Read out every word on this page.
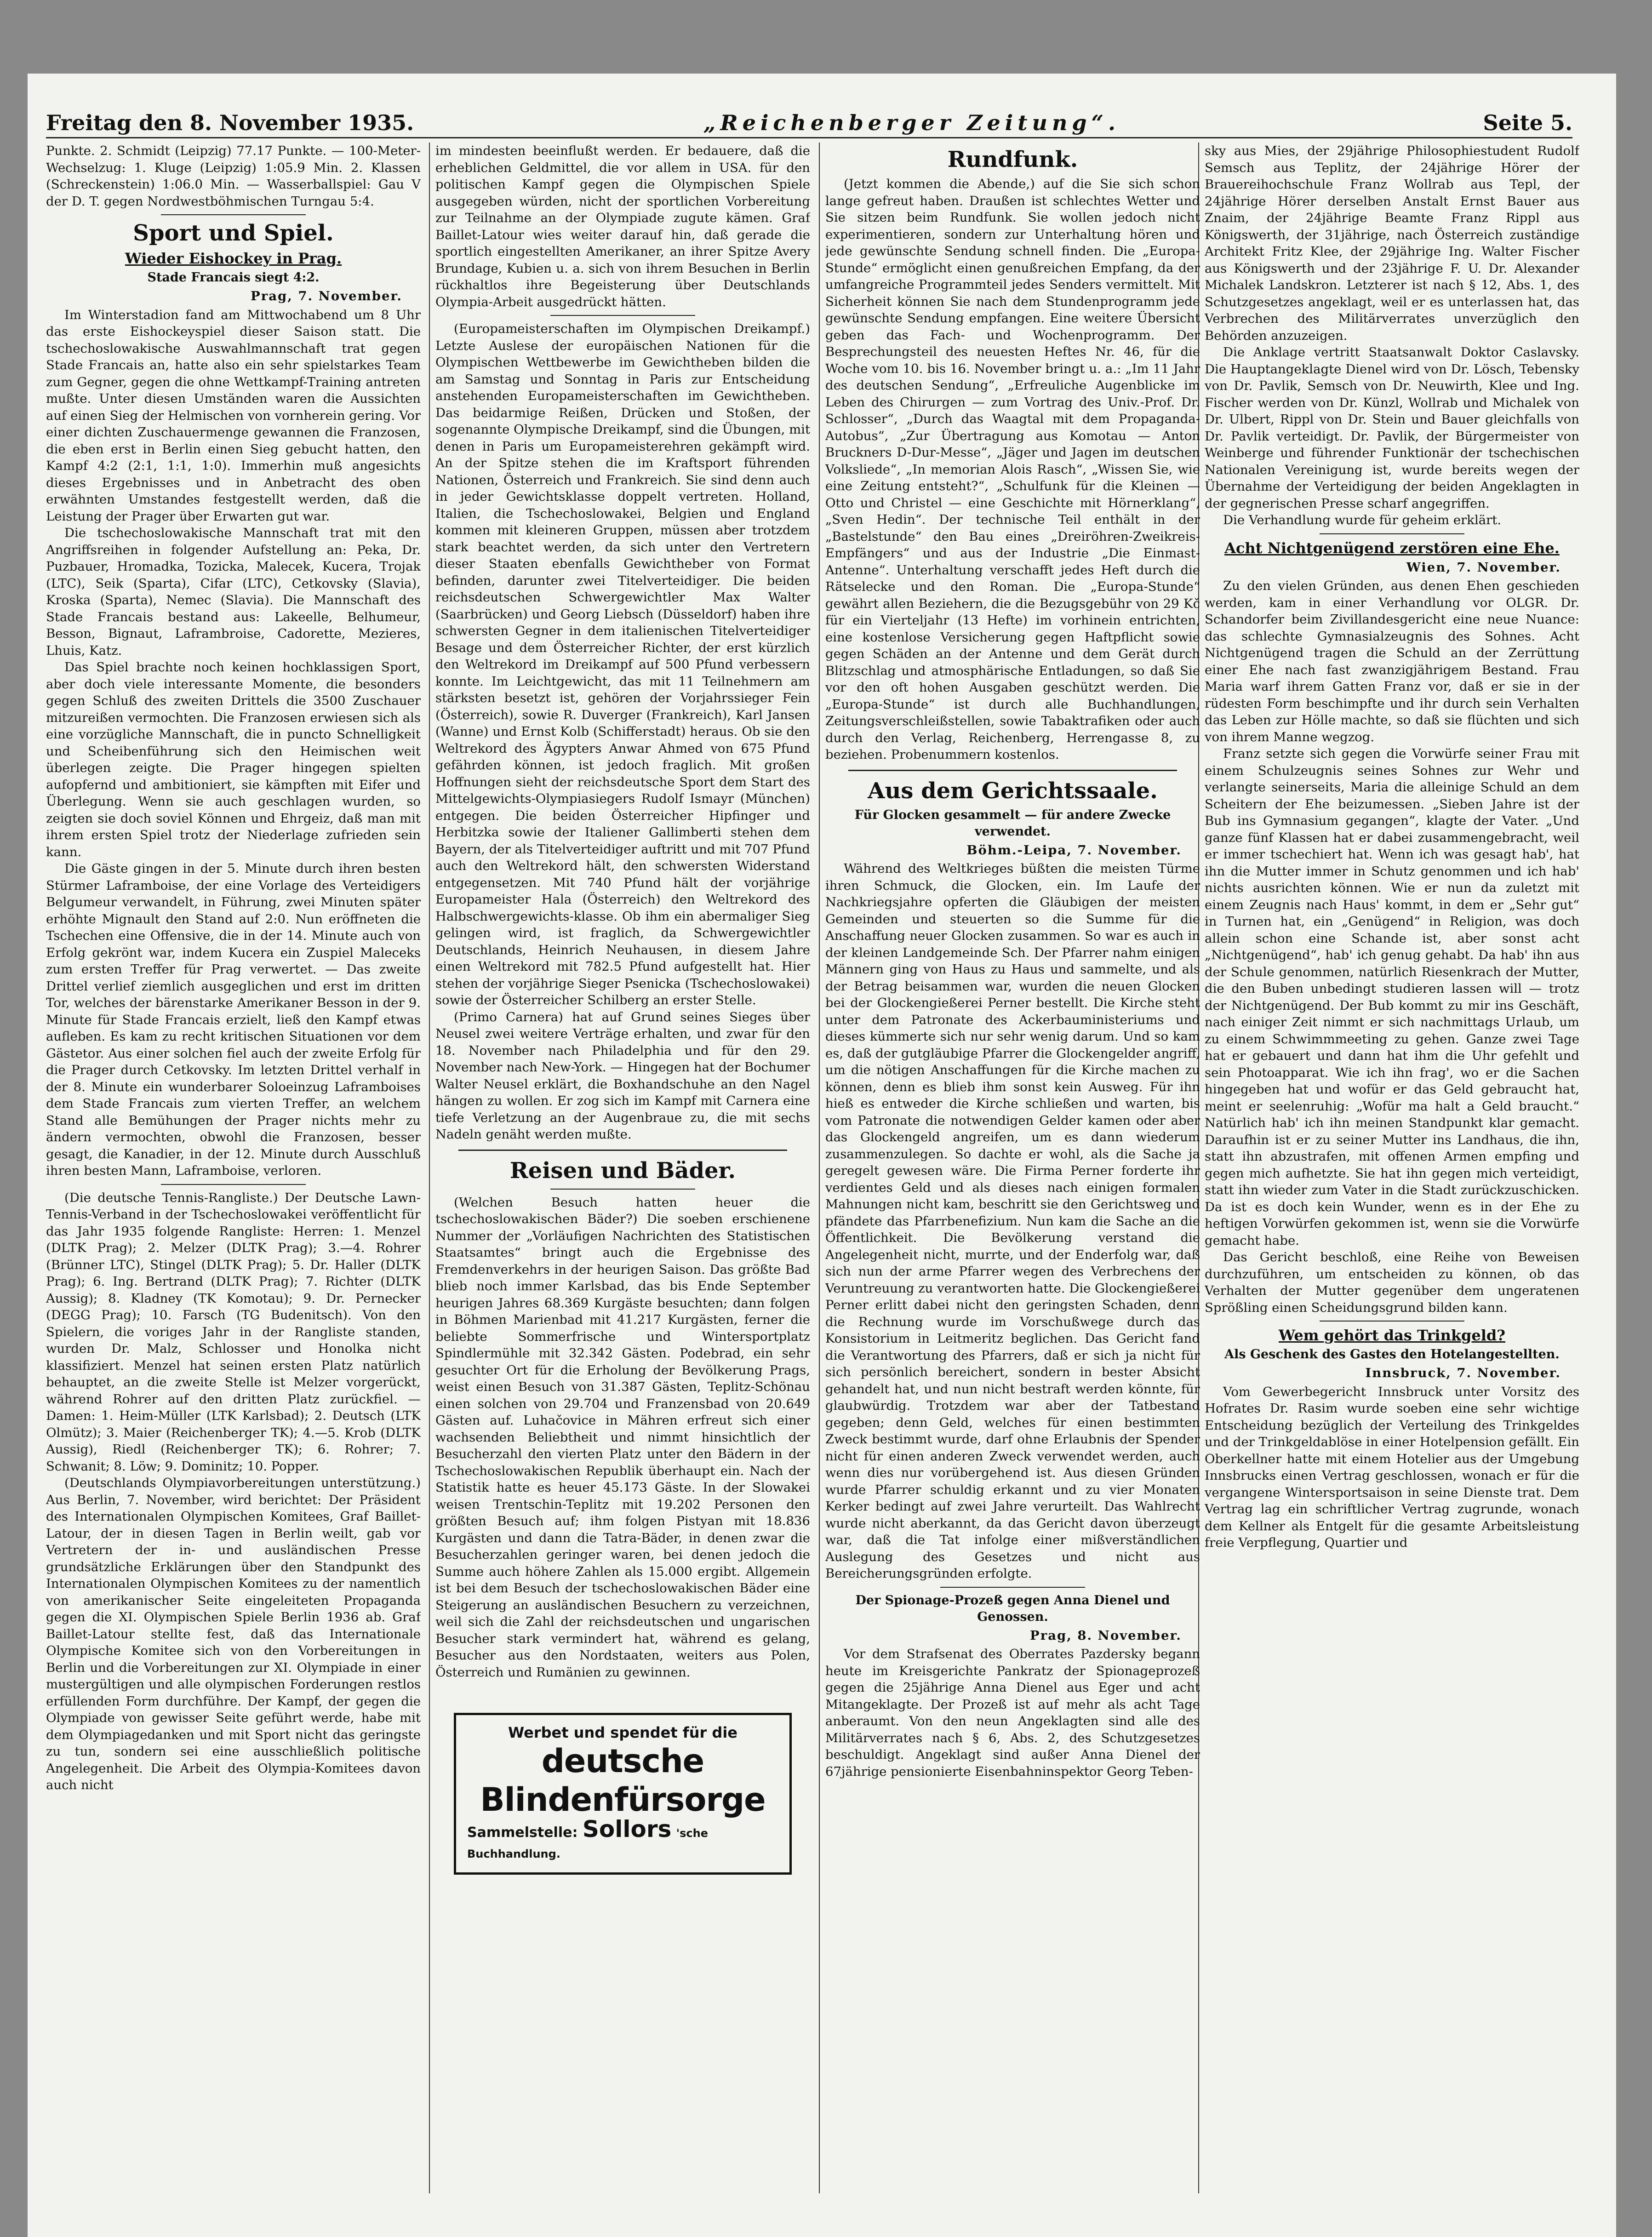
Freitag den 8. November 1935.	„Reichenberger Zeitung“.	Seite 5.

Punkte. 2. Schmidt (Leipzig) 77.17 Punkte. — 100-Meter-Wechselzug: 1. Kluge (Leipzig) 1:05.9 Min. 2. Klassen (Schreckenstein) 1:06.0 Min. — Wasserballspiel: Gau V der D. T. gegen Nordwestböhmischen Turngau 5:4.

Sport und Spiel.
Wieder Eishockey in Prag.
Stade Francais siegt 4:2.
Prag, 7. November.

Im Winterstadion fand am Mittwochabend um 8 Uhr das erste Eishockeyspiel dieser Saison statt. Die tschechoslowakische Auswahlmannschaft trat gegen Stade Francais an, hatte also ein sehr spielstarkes Team zum Gegner, gegen die ohne Wettkampf-Training antreten mußte. Unter diesen Umständen waren die Aussichten auf einen Sieg der Helmischen von vornherein gering. Vor einer dichten Zuschauermenge gewannen die Franzosen, die eben erst in Berlin einen Sieg gebucht hatten, den Kampf 4:2 (2:1, 1:1, 1:0). Immerhin muß angesichts dieses Ergebnisses und in Anbetracht des oben erwähnten Umstandes festgestellt werden, daß die Leistung der Prager über Erwarten gut war.

Die tschechoslowakische Mannschaft trat mit den Angriffsreihen in folgender Aufstellung an: Peka, Dr. Puzbauer, Hromadka, Tozicka, Malecek, Kucera, Trojak (LTC), Seik (Sparta), Cifar (LTC), Cetkovsky (Slavia), Kroska (Sparta), Nemec (Slavia). Die Mannschaft des Stade Francais bestand aus: Lakeelle, Belhumeur, Besson, Bignaut, Laframbroise, Cadorette, Mezieres, Lhuis, Katz.

Das Spiel brachte noch keinen hochklassigen Sport, aber doch viele interessante Momente, die besonders gegen Schluß des zweiten Drittels die 3500 Zuschauer mitzureißen vermochten. Die Franzosen erwiesen sich als eine vorzügliche Mannschaft, die in puncto Schnelligkeit und Scheibenführung sich den Heimischen weit überlegen zeigte. Die Prager hingegen spielten aufopfernd und ambitioniert, sie kämpften mit Eifer und Überlegung. Wenn sie auch geschlagen wurden, so zeigten sie doch soviel Können und Ehrgeiz, daß man mit ihrem ersten Spiel trotz der Niederlage zufrieden sein kann.

Die Gäste gingen in der 5. Minute durch ihren besten Stürmer Laframboise, der eine Vorlage des Verteidigers Belgumeur verwandelt, in Führung, zwei Minuten später erhöhte Mignault den Stand auf 2:0. Nun eröffneten die Tschechen eine Offensive, die in der 14. Minute auch von Erfolg gekrönt war, indem Kucera ein Zuspiel Maleceks zum ersten Treffer für Prag verwertet. — Das zweite Drittel verlief ziemlich ausgeglichen und erst im dritten Tor, welches der bärenstarke Amerikaner Besson in der 9. Minute für Stade Francais erzielt, ließ den Kampf etwas aufleben. Es kam zu recht kritischen Situationen vor dem Gästetor. Aus einer solchen fiel auch der zweite Erfolg für die Prager durch Cetkovsky. Im letzten Drittel verhalf in der 8. Minute ein wunderbarer Soloeinzug Laframboises dem Stade Francais zum vierten Treffer, an welchem Stand alle Bemühungen der Prager nichts mehr zu ändern vermochten, obwohl die Franzosen, besser gesagt, die Kanadier, in der 12. Minute durch Ausschluß ihren besten Mann, Laframboise, verloren.

(Die deutsche Tennis-Rangliste.) Der Deutsche Lawn-Tennis-Verband in der Tschechoslowakei veröffentlicht für das Jahr 1935 folgende Rangliste: Herren: 1. Menzel (DLTK Prag); 2. Melzer (DLTK Prag); 3.—4. Rohrer (Brünner LTC), Stingel (DLTK Prag); 5. Dr. Haller (DLTK Prag); 6. Ing. Bertrand (DLTK Prag); 7. Richter (DLTK Aussig); 8. Kladney (TK Komotau); 9. Dr. Pernecker (DEGG Prag); 10. Farsch (TG Budenitsch). Von den Spielern, die voriges Jahr in der Rangliste standen, wurden Dr. Malz, Schlosser und Honolka nicht klassifiziert. Menzel hat seinen ersten Platz natürlich behauptet, an die zweite Stelle ist Melzer vorgerückt, während Rohrer auf den dritten Platz zurückfiel. — Damen: 1. Heim-Müller (LTK Karlsbad); 2. Deutsch (LTK Olmütz); 3. Maier (Reichenberger TK); 4.—5. Krob (DLTK Aussig), Riedl (Reichenberger TK); 6. Rohrer; 7. Schwanit; 8. Löw; 9. Dominitz; 10. Popper.

(Deutschlands Olympiavorbereitungen unterstützung.) Aus Berlin, 7. November, wird berichtet: Der Präsident des Internationalen Olympischen Komitees, Graf Baillet-Latour, der in diesen Tagen in Berlin weilt, gab vor Vertretern der in- und ausländischen Presse grundsätzliche Erklärungen über den Standpunkt des Internationalen Olympischen Komitees zu der namentlich von amerikanischer Seite eingeleiteten Propaganda gegen die XI. Olympischen Spiele Berlin 1936 ab. Graf Baillet-Latour stellte fest, daß das Internationale Olympische Komitee sich von den Vorbereitungen in Berlin und die Vorbereitungen zur XI. Olympiade in einer mustergültigen und alle olympischen Forderungen restlos erfüllenden Form durchführe. Der Kampf, der gegen die Olympiade von gewisser Seite geführt werde, habe mit dem Olympiagedanken und mit Sport nicht das geringste zu tun, sondern sei eine ausschließlich politische Angelegenheit. Die Arbeit des Olympia-Komitees davon auch nicht

im mindesten beeinflußt werden. Er bedauere, daß die erheblichen Geldmittel, die vor allem in USA. für den politischen Kampf gegen die Olympischen Spiele ausgegeben würden, nicht der sportlichen Vorbereitung zur Teilnahme an der Olympiade zugute kämen. Graf Baillet-Latour wies weiter darauf hin, daß gerade die sportlich eingestellten Amerikaner, an ihrer Spitze Avery Brundage, Kubien u. a. sich von ihrem Besuchen in Berlin rückhaltlos ihre Begeisterung über Deutschlands Olympia-Arbeit ausgedrückt hätten.

(Europameisterschaften im Olympischen Dreikampf.) Letzte Auslese der europäischen Nationen für die Olympischen Wettbewerbe im Gewichtheben bilden die am Samstag und Sonntag in Paris zur Entscheidung anstehenden Europameisterschaften im Gewichtheben. Das beidarmige Reißen, Drücken und Stoßen, der sogenannte Olympische Dreikampf, sind die Übungen, mit denen in Paris um Europameisterehren gekämpft wird. An der Spitze stehen die im Kraftsport führenden Nationen, Österreich und Frankreich. Sie sind denn auch in jeder Gewichtsklasse doppelt vertreten. Holland, Italien, die Tschechoslowakei, Belgien und England kommen mit kleineren Gruppen, müssen aber trotzdem stark beachtet werden, da sich unter den Vertretern dieser Staaten ebenfalls Gewichtheber von Format befinden, darunter zwei Titelverteidiger. Die beiden reichsdeutschen Schwergewichtler Max Walter (Saarbrücken) und Georg Liebsch (Düsseldorf) haben ihre schwersten Gegner in dem italienischen Titelverteidiger Besage und dem Österreicher Richter, der erst kürzlich den Weltrekord im Dreikampf auf 500 Pfund verbessern konnte. Im Leichtgewicht, das mit 11 Teilnehmern am stärksten besetzt ist, gehören der Vorjahrssieger Fein (Österreich), sowie R. Duverger (Frankreich), Karl Jansen (Wanne) und Ernst Kolb (Schifferstadt) heraus. Ob sie den Weltrekord des Ägypters Anwar Ahmed von 675 Pfund gefährden können, ist jedoch fraglich. Mit großen Hoffnungen sieht der reichsdeutsche Sport dem Start des Mittelgewichts-Olympiasiegers Rudolf Ismayr (München) entgegen. Die beiden Österreicher Hipfinger und Herbitzka sowie der Italiener Gallimberti stehen dem Bayern, der als Titelverteidiger auftritt und mit 707 Pfund auch den Weltrekord hält, den schwersten Widerstand entgegensetzen. Mit 740 Pfund hält der vorjährige Europameister Hala (Österreich) den Weltrekord des Halbschwergewichts-klasse. Ob ihm ein abermaliger Sieg gelingen wird, ist fraglich, da Schwergewichtler Deutschlands, Heinrich Neuhausen, in diesem Jahre einen Weltrekord mit 782.5 Pfund aufgestellt hat. Hier stehen der vorjährige Sieger Psenicka (Tschechoslowakei) sowie der Österreicher Schilberg an erster Stelle.

(Primo Carnera) hat auf Grund seines Sieges über Neusel zwei weitere Verträge erhalten, und zwar für den 18. November nach Philadelphia und für den 29. November nach New-York. — Hingegen hat der Bochumer Walter Neusel erklärt, die Boxhandschuhe an den Nagel hängen zu wollen. Er zog sich im Kampf mit Carnera eine tiefe Verletzung an der Augenbraue zu, die mit sechs Nadeln genäht werden mußte.

Reisen und Bäder.

(Welchen Besuch hatten heuer die tschechoslowakischen Bäder?) Die soeben erschienene Nummer der „Vorläufigen Nachrichten des Statistischen Staatsamtes“ bringt auch die Ergebnisse des Fremdenverkehrs in der heurigen Saison. Das größte Bad blieb noch immer Karlsbad, das bis Ende September heurigen Jahres 68.369 Kurgäste besuchten; dann folgen in Böhmen Marienbad mit 41.217 Kurgästen, ferner die beliebte Sommerfrische und Wintersportplatz Spindlermühle mit 32.342 Gästen. Podebrad, ein sehr gesuchter Ort für die Erholung der Bevölkerung Prags, weist einen Besuch von 31.387 Gästen, Teplitz-Schönau einen solchen von 29.704 und Franzensbad von 20.649 Gästen auf. Luhačovice in Mähren erfreut sich einer wachsenden Beliebtheit und nimmt hinsichtlich der Besucherzahl den vierten Platz unter den Bädern in der Tschechoslowakischen Republik überhaupt ein. Nach der Statistik hatte es heuer 45.173 Gäste. In der Slowakei weisen Trentschin-Teplitz mit 19.202 Personen den größten Besuch auf; ihm folgen Pistyan mit 18.836 Kurgästen und dann die Tatra-Bäder, in denen zwar die Besucherzahlen geringer waren, bei denen jedoch die Summe auch höhere Zahlen als 15.000 ergibt. Allgemein ist bei dem Besuch der tschechoslowakischen Bäder eine Steigerung an ausländischen Besuchern zu verzeichnen, weil sich die Zahl der reichsdeutschen und ungarischen Besucher stark vermindert hat, während es gelang, Besucher aus den Nordstaaten, weiters aus Polen, Österreich und Rumänien zu gewinnen.

Werbet und spendet für die
deutsche Blindenfürsorge
Sammelstelle: Sollors 'sche Buchhandlung.
Rundfunk.

(Jetzt kommen die Abende,) auf die Sie sich schon lange gefreut haben. Draußen ist schlechtes Wetter und Sie sitzen beim Rundfunk. Sie wollen jedoch nicht experimentieren, sondern zur Unterhaltung hören und jede gewünschte Sendung schnell finden. Die „Europa-Stunde“ ermöglicht einen genußreichen Empfang, da der umfangreiche Programmteil jedes Senders vermittelt. Mit Sicherheit können Sie nach dem Stundenprogramm jede gewünschte Sendung empfangen. Eine weitere Übersicht geben das Fach- und Wochenprogramm. Der Besprechungsteil des neuesten Heftes Nr. 46, für die Woche vom 10. bis 16. November bringt u. a.: „Im 11 Jahr des deutschen Sendung“, „Erfreuliche Augenblicke im Leben des Chirurgen — zum Vortrag des Univ.-Prof. Dr. Schlosser“, „Durch das Waagtal mit dem Propaganda-Autobus“, „Zur Übertragung aus Komotau — Anton Bruckners D-Dur-Messe“, „Jäger und Jagen im deutschen Volksliede“, „In memorian Alois Rasch“, „Wissen Sie, wie eine Zeitung entsteht?“, „Schulfunk für die Kleinen — Otto und Christel — eine Geschichte mit Hörnerklang“, „Sven Hedin“. Der technische Teil enthält in der „Bastelstunde“ den Bau eines „Dreiröhren-Zweikreis-Empfängers“ und aus der Industrie „Die Einmast-Antenne“. Unterhaltung verschafft jedes Heft durch die Rätselecke und den Roman. Die „Europa-Stunde“ gewährt allen Beziehern, die die Bezugsgebühr von 29 Kč für ein Vierteljahr (13 Hefte) im vorhinein entrichten, eine kostenlose Versicherung gegen Haftpflicht sowie gegen Schäden an der Antenne und dem Gerät durch Blitzschlag und atmosphärische Entladungen, so daß Sie vor den oft hohen Ausgaben geschützt werden. Die „Europa-Stunde“ ist durch alle Buchhandlungen, Zeitungsverschleißstellen, sowie Tabaktrafiken oder auch durch den Verlag, Reichenberg, Herrengasse 8, zu beziehen. Probenummern kostenlos.

Aus dem Gerichtssaale.
Für Glocken gesammelt — für andere Zwecke verwendet.
Böhm.-Leipa, 7. November.

Während des Weltkrieges büßten die meisten Türme ihren Schmuck, die Glocken, ein. Im Laufe der Nachkriegsjahre opferten die Gläubigen der meisten Gemeinden und steuerten so die Summe für die Anschaffung neuer Glocken zusammen. So war es auch in der kleinen Landgemeinde Sch. Der Pfarrer nahm einigen Männern ging von Haus zu Haus und sammelte, und als der Betrag beisammen war, wurden die neuen Glocken bei der Glockengießerei Perner bestellt. Die Kirche steht unter dem Patronate des Ackerbauministeriums und dieses kümmerte sich nur sehr wenig darum. Und so kam es, daß der gutgläubige Pfarrer die Glockengelder angriff, um die nötigen Anschaffungen für die Kirche machen zu können, denn es blieb ihm sonst kein Ausweg. Für ihn hieß es entweder die Kirche schließen und warten, bis vom Patronate die notwendigen Gelder kamen oder aber das Glockengeld angreifen, um es dann wiederum zusammenzulegen. So dachte er wohl, als die Sache ja geregelt gewesen wäre. Die Firma Perner forderte ihr verdientes Geld und als dieses nach einigen formalen Mahnungen nicht kam, beschritt sie den Gerichtsweg und pfändete das Pfarrbenefizium. Nun kam die Sache an die Öffentlichkeit. Die Bevölkerung verstand die Angelegenheit nicht, murrte, und der Enderfolg war, daß sich nun der arme Pfarrer wegen des Verbrechens der Veruntreuung zu verantworten hatte. Die Glockengießerei Perner erlitt dabei nicht den geringsten Schaden, denn die Rechnung wurde im Vorschußwege durch das Konsistorium in Leitmeritz beglichen. Das Gericht fand die Verantwortung des Pfarrers, daß er sich ja nicht für sich persönlich bereichert, sondern in bester Absicht gehandelt hat, und nun nicht bestraft werden könnte, für glaubwürdig. Trotzdem war aber der Tatbestand gegeben; denn Geld, welches für einen bestimmten Zweck bestimmt wurde, darf ohne Erlaubnis der Spender nicht für einen anderen Zweck verwendet werden, auch wenn dies nur vorübergehend ist. Aus diesen Gründen wurde Pfarrer schuldig erkannt und zu vier Monaten Kerker bedingt auf zwei Jahre verurteilt. Das Wahlrecht wurde nicht aberkannt, da das Gericht davon überzeugt war, daß die Tat infolge einer mißverständlichen Auslegung des Gesetzes und nicht aus Bereicherungsgründen erfolgte.

Der Spionage-Prozeß gegen Anna Dienel und Genossen.
Prag, 8. November.

Vor dem Strafsenat des Oberrates Pazdersky begann heute im Kreisgerichte Pankratz der Spionageprozeß gegen die 25jährige Anna Dienel aus Eger und acht Mitangeklagte. Der Prozeß ist auf mehr als acht Tage anberaumt. Von den neun Angeklagten sind alle des Militärverrates nach § 6, Abs. 2, des Schutzgesetzes beschuldigt. Angeklagt sind außer Anna Dienel der 67jährige pensionierte Eisenbahninspektor Georg Teben-

sky aus Mies, der 29jährige Philosophiestudent Rudolf Semsch aus Teplitz, der 24jährige Hörer der Brauereihochschule Franz Wollrab aus Tepl, der 24jährige Hörer derselben Anstalt Ernst Bauer aus Znaim, der 24jährige Beamte Franz Rippl aus Königswerth, der 31jährige, nach Österreich zuständige Architekt Fritz Klee, der 29jährige Ing. Walter Fischer aus Königswerth und der 23jährige F. U. Dr. Alexander Michalek Landskron. Letzterer ist nach § 12, Abs. 1, des Schutzgesetzes angeklagt, weil er es unterlassen hat, das Verbrechen des Militärverrates unverzüglich den Behörden anzuzeigen.

Die Anklage vertritt Staatsanwalt Doktor Caslavsky. Die Hauptangeklagte Dienel wird von Dr. Lösch, Tebensky von Dr. Pavlik, Semsch von Dr. Neuwirth, Klee und Ing. Fischer werden von Dr. Künzl, Wollrab und Michalek von Dr. Ulbert, Rippl von Dr. Stein und Bauer gleichfalls von Dr. Pavlik verteidigt. Dr. Pavlik, der Bürgermeister von Weinberge und führender Funktionär der tschechischen Nationalen Vereinigung ist, wurde bereits wegen der Übernahme der Verteidigung der beiden Angeklagten in der gegnerischen Presse scharf angegriffen.

Die Verhandlung wurde für geheim erklärt.

Acht Nichtgenügend zerstören eine Ehe.
Wien, 7. November.

Zu den vielen Gründen, aus denen Ehen geschieden werden, kam in einer Verhandlung vor OLGR. Dr. Schandorfer beim Zivillandesgericht eine neue Nuance: das schlechte Gymnasialzeugnis des Sohnes. Acht Nichtgenügend tragen die Schuld an der Zerrüttung einer Ehe nach fast zwanzigjährigem Bestand. Frau Maria warf ihrem Gatten Franz vor, daß er sie in der rüdesten Form beschimpfte und ihr durch sein Verhalten das Leben zur Hölle machte, so daß sie flüchten und sich von ihrem Manne wegzog.

Franz setzte sich gegen die Vorwürfe seiner Frau mit einem Schulzeugnis seines Sohnes zur Wehr und verlangte seinerseits, Maria die alleinige Schuld an dem Scheitern der Ehe beizumessen. „Sieben Jahre ist der Bub ins Gymnasium gegangen“, klagte der Vater. „Und ganze fünf Klassen hat er dabei zusammengebracht, weil er immer tschechiert hat. Wenn ich was gesagt hab', hat ihn die Mutter immer in Schutz genommen und ich hab' nichts ausrichten können. Wie er nun da zuletzt mit einem Zeugnis nach Haus' kommt, in dem er „Sehr gut“ in Turnen hat, ein „Genügend“ in Religion, was doch allein schon eine Schande ist, aber sonst acht „Nichtgenügend“, hab' ich genug gehabt. Da hab' ihn aus der Schule genommen, natürlich Riesenkrach der Mutter, die den Buben unbedingt studieren lassen will — trotz der Nichtgenügend. Der Bub kommt zu mir ins Geschäft, nach einiger Zeit nimmt er sich nachmittags Urlaub, um zu einem Schwimmmeeting zu gehen. Ganze zwei Tage hat er gebauert und dann hat ihm die Uhr gefehlt und sein Photoapparat. Wie ich ihn frag', wo er die Sachen hingegeben hat und wofür er das Geld gebraucht hat, meint er seelenruhig: „Wofür ma halt a Geld braucht.“ Natürlich hab' ich ihn meinen Standpunkt klar gemacht. Daraufhin ist er zu seiner Mutter ins Landhaus, die ihn, statt ihn abzustrafen, mit offenen Armen empfing und gegen mich aufhetzte. Sie hat ihn gegen mich verteidigt, statt ihn wieder zum Vater in die Stadt zurückzuschicken. Da ist es doch kein Wunder, wenn es in der Ehe zu heftigen Vorwürfen gekommen ist, wenn sie die Vorwürfe gemacht habe.

Das Gericht beschloß, eine Reihe von Beweisen durchzuführen, um entscheiden zu können, ob das Verhalten der Mutter gegenüber dem ungeratenen Sprößling einen Scheidungsgrund bilden kann.

Wem gehört das Trinkgeld?
Als Geschenk des Gastes den Hotelangestellten.
Innsbruck, 7. November.

Vom Gewerbegericht Innsbruck unter Vorsitz des Hofrates Dr. Rasim wurde soeben eine sehr wichtige Entscheidung bezüglich der Verteilung des Trinkgeldes und der Trinkgeldablöse in einer Hotelpension gefällt. Ein Oberkellner hatte mit einem Hotelier aus der Umgebung Innsbrucks einen Vertrag geschlossen, wonach er für die vergangene Wintersportsaison in seine Dienste trat. Dem Vertrag lag ein schriftlicher Vertrag zugrunde, wonach dem Kellner als Entgelt für die gesamte Arbeitsleistung freie Verpflegung, Quartier und
